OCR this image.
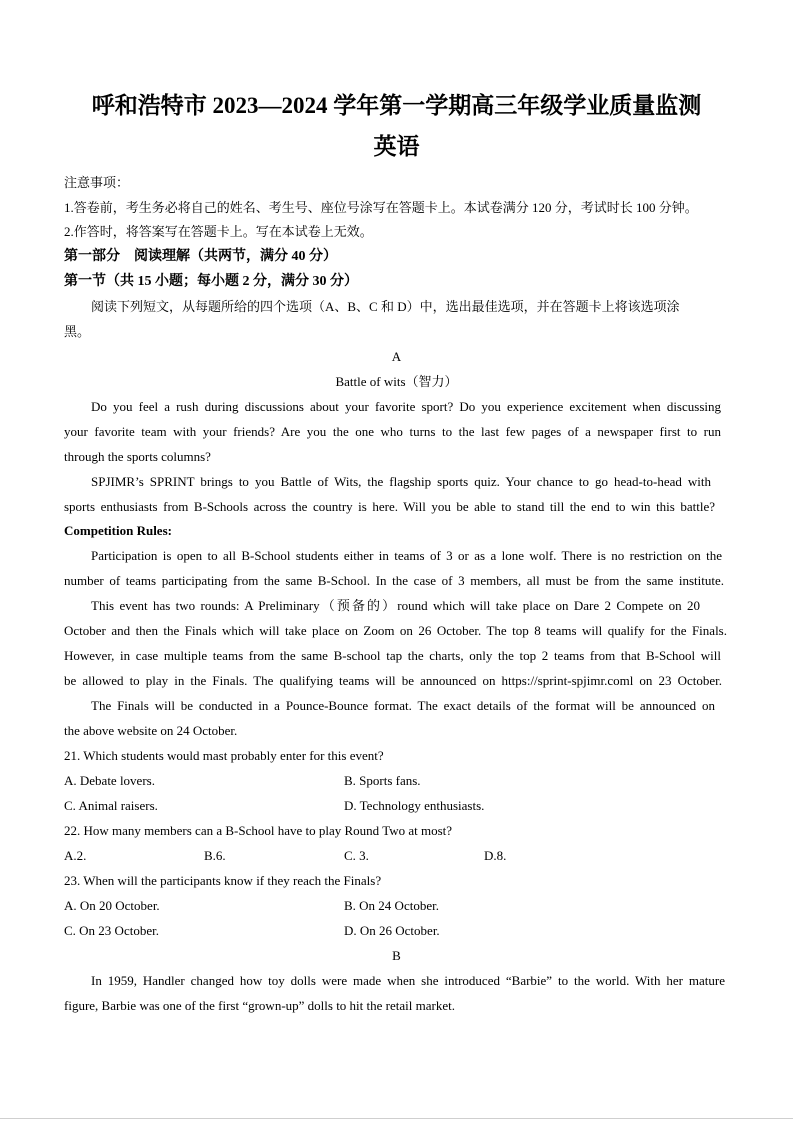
呼和浩特市 2023—2024 学年第一学期高三年级学业质量监测
英语
注意事项：
1.答卷前，考生务必将自己的姓名、考生号、座位号涂写在答题卡上。本试卷满分 120 分，考试时长 100 分钟。
2.作答时，将答案写在答题卡上。写在本试卷上无效。
第一部分　阅读理解（共两节，满分 40 分）
第一节（共 15 小题；每小题 2 分，满分 30 分）
阅读下列短文，从每题所给的四个选项（A、B、C 和 D）中，选出最佳选项，并在答题卡上将该选项涂
黑。
A
Battle of wits（智力）
Do you feel a rush during discussions about your favorite sport? Do you experience excitement when discussing
your favorite team with your friends? Are you the one who turns to the last few pages of a newspaper first to run
through the sports columns?
SPJIMR’s SPRINT brings to you Battle of Wits, the flagship sports quiz. Your chance to go head-to-head with
sports enthusiasts from B-Schools across the country is here. Will you be able to stand till the end to win this battle?
Competition Rules:
Participation is open to all B-School students either in teams of 3 or as a lone wolf. There is no restriction on the
number of teams participating from the same B-School. In the case of 3 members, all must be from the same institute.
This event has two rounds: A Preliminary（预备的）round which will take place on Dare 2 Compete on 20
October and then the Finals which will take place on Zoom on 26 October. The top 8 teams will qualify for the Finals.
However, in case multiple teams from the same B-school tap the charts, only the top 2 teams from that B-School will
be allowed to play in the Finals. The qualifying teams will be announced on https://sprint-spjimr.coml on 23 October.
The Finals will be conducted in a Pounce-Bounce format. The exact details of the format will be announced on
the above website on 24 October.
21. Which students would mast probably enter for this event?
A. Debate lovers.	B. Sports fans.
C. Animal raisers.	D. Technology enthusiasts.
22. How many members can a B-School have to play Round Two at most?
A.2.	B.6.	C. 3.	D.8.
23. When will the participants know if they reach the Finals?
A. On 20 October.	B. On 24 October.
C. On 23 October.	D. On 26 October.
B
In 1959, Handler changed how toy dolls were made when she introduced “Barbie” to the world. With her mature
figure, Barbie was one of the first “grown-up” dolls to hit the retail market.
